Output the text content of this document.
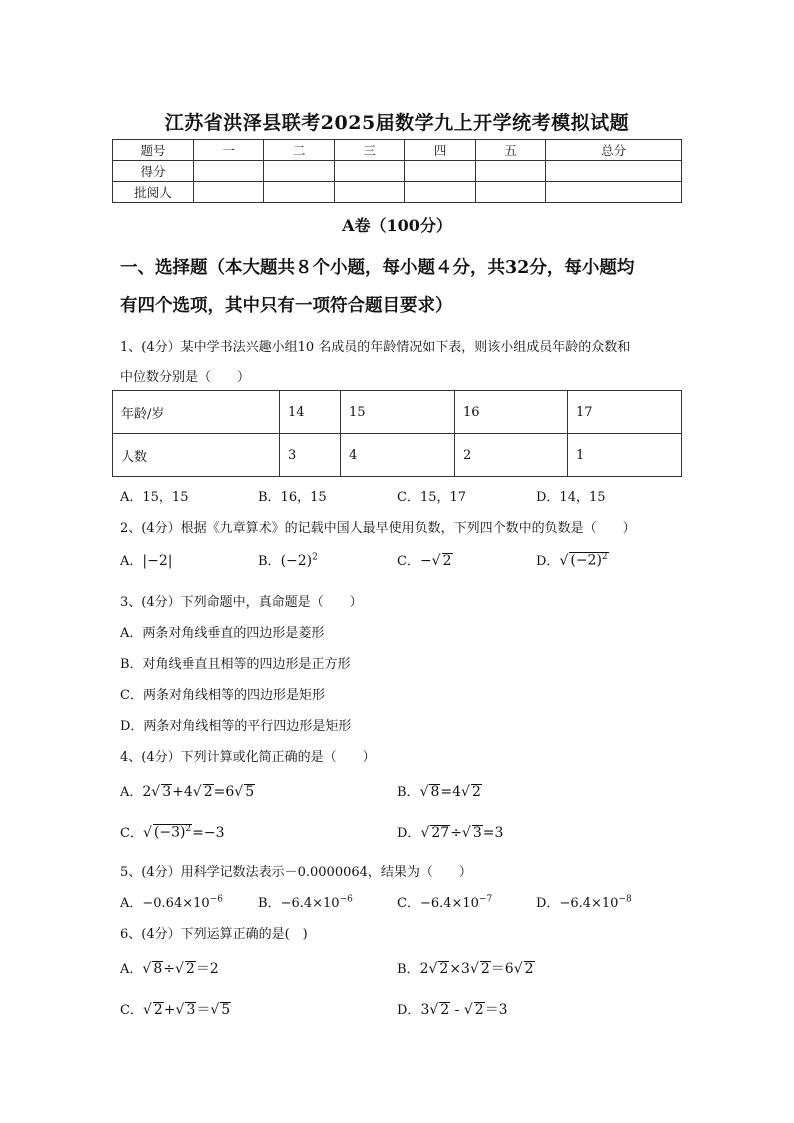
江苏省洪泽县联考2025届数学九上开学统考模拟试题
题号	一	二	三	四	五	总分
得分						
批阅人						
A卷（100分）
一、选择题（本大题共８个小题，每小题４分，共32分，每小题均
有四个选项，其中只有一项符合题目要求）
1、(4分）某中学书法兴趣小组10 名成员的年龄情况如下表，则该小组成员年龄的众数和
中位数分别是（　　）
年龄/岁	14	15	16	17
人数	3	4	2	1
A．15，15	B．16，15	C．15，17	D．14，15
2、(4分）根据《九章算术》的记载中国人最早使用负数，下列四个数中的负数是（　　）
A．|−2|	B．$(-2)^2$	C．−√ 2	D．√ $(-2)^2$
3、(4分）下列命题中，真命题是（　　）
A．两条对角线垂直的四边形是菱形
B．对角线垂直且相等的四边形是正方形
C．两条对角线相等的四边形是矩形
D．两条对角线相等的平行四边形是矩形
4、(4分）下列计算或化简正确的是（　　）
A．2√ 3+4√ 2=6√ 5	B．√ 8=4√ 2
C．√ $(-3)^2=-3$	D．√ 27÷√ 3=3
5、(4分）用科学记数法表示－0.0000064，结果为（　　）
A．$-0.64\times 10^{-6}$	B．$-6.4\times 10^{-6}$	C．$-6.4\times 10^{-7}$	D．$-6.4\times 10^{-8}$
6、(4分）下列运算正确的是(　)
A．√ 8÷√ 2＝2	B．2√ 2×3√ 2＝6√ 2
C．√ 2+√ 3＝√ 5	D．3√ 2 - √ 2＝3
